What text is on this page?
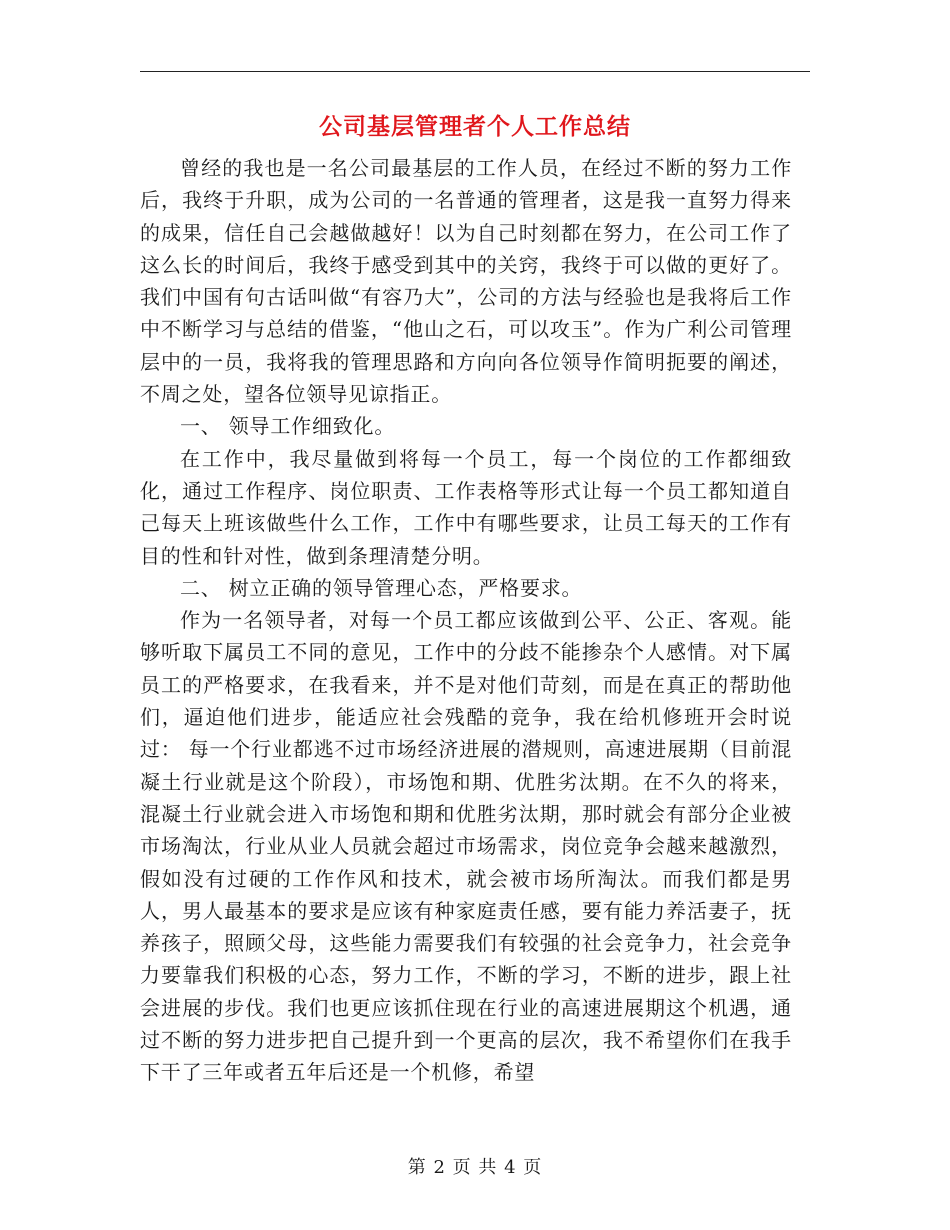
公司基层管理者个人工作总结

曾经的我也是一名公司最基层的工作人员，在经过不断的努力工作后，我终于升职，成为公司的一名普通的管理者，这是我一直努力得来的成果，信任自己会越做越好！以为自己时刻都在努力，在公司工作了这么长的时间后，我终于感受到其中的关窍，我终于可以做的更好了。我们中国有句古话叫做“有容乃大”，公司的方法与经验也是我将后工作中不断学习与总结的借鉴，“他山之石，可以攻玉”。作为广利公司管理层中的一员，我将我的管理思路和方向向各位领导作简明扼要的阐述，不周之处，望各位领导见谅指正。

一、 领导工作细致化。

在工作中，我尽量做到将每一个员工，每一个岗位的工作都细致化，通过工作程序、岗位职责、工作表格等形式让每一个员工都知道自己每天上班该做些什么工作，工作中有哪些要求，让员工每天的工作有目的性和针对性，做到条理清楚分明。

二、 树立正确的领导管理心态，严格要求。

作为一名领导者，对每一个员工都应该做到公平、公正、客观。能够听取下属员工不同的意见，工作中的分歧不能掺杂个人感情。对下属员工的严格要求，在我看来，并不是对他们苛刻，而是在真正的帮助他们，逼迫他们进步，能适应社会残酷的竞争，我在给机修班开会时说过： 每一个行业都逃不过市场经济进展的潜规则，高速进展期（目前混凝土行业就是这个阶段），市场饱和期、优胜劣汰期。在不久的将来，混凝土行业就会进入市场饱和期和优胜劣汰期，那时就会有部分企业被市场淘汰，行业从业人员就会超过市场需求，岗位竞争会越来越激烈，假如没有过硬的工作作风和技术，就会被市场所淘汰。而我们都是男人，男人最基本的要求是应该有种家庭责任感，要有能力养活妻子，抚养孩子，照顾父母，这些能力需要我们有较强的社会竞争力，社会竞争力要靠我们积极的心态，努力工作，不断的学习，不断的进步，跟上社会进展的步伐。我们也更应该抓住现在行业的高速进展期这个机遇，通过不断的努力进步把自己提升到一个更高的层次，我不希望你们在我手下干了三年或者五年后还是一个机修，希望

第 2 页 共 4 页
